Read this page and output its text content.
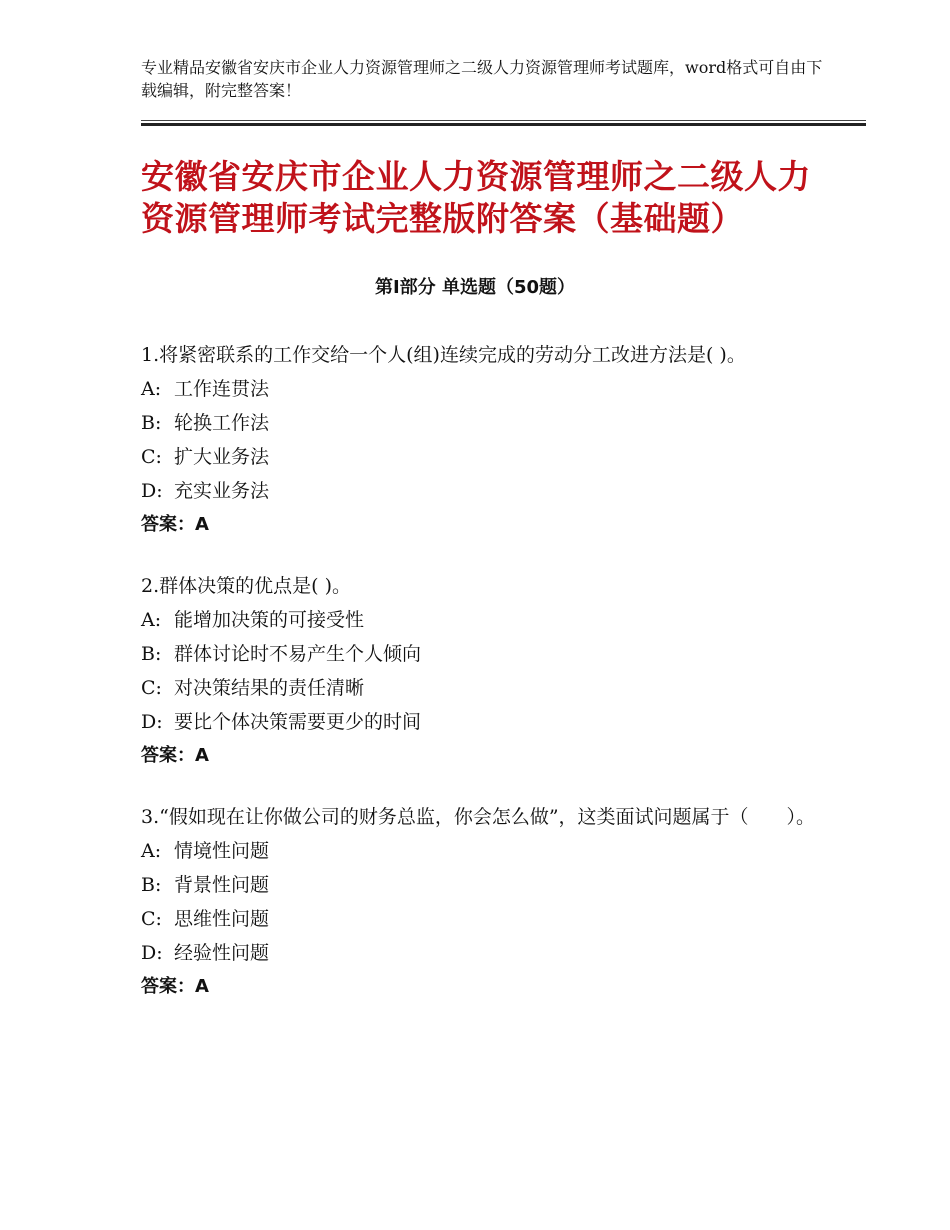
专业精品安徽省安庆市企业人力资源管理师之二级人力资源管理师考试题库，word格式可自由下载编辑，附完整答案！
安徽省安庆市企业人力资源管理师之二级人力资源管理师考试完整版附答案（基础题）
第Ⅰ部分 单选题（50题）
1.将紧密联系的工作交给一个人(组)连续完成的劳动分工改进方法是( )。
A: 工作连贯法
B: 轮换工作法
C: 扩大业务法
D: 充实业务法
答案：A
2.群体决策的优点是( )。
A: 能增加决策的可接受性
B: 群体讨论时不易产生个人倾向
C: 对决策结果的责任清晰
D: 要比个体决策需要更少的时间
答案：A
3.“假如现在让你做公司的财务总监，你会怎么做”，这类面试问题属于（　　）。
A: 情境性问题
B: 背景性问题
C: 思维性问题
D: 经验性问题
答案：A
